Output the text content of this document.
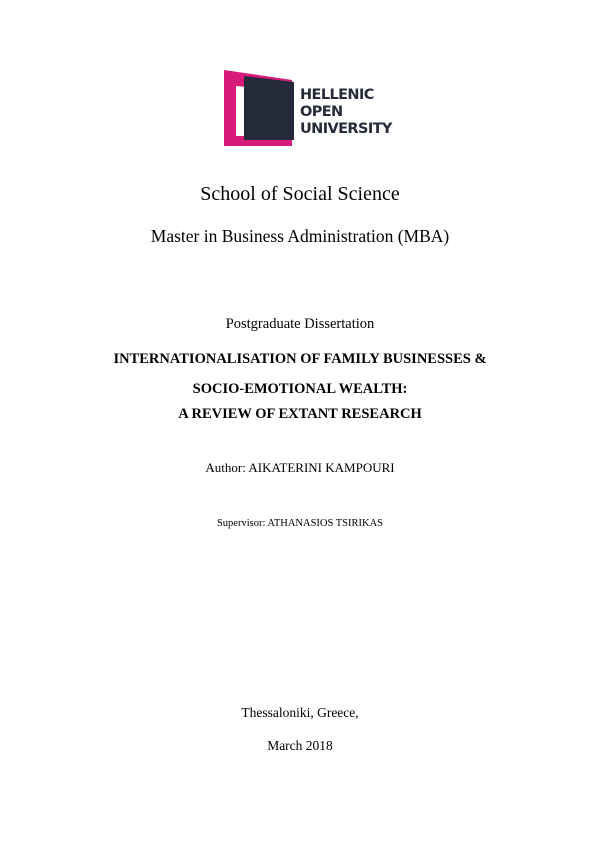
HELLENIC
OPEN
UNIVERSITY
School of Social Science
Master in Business Administration (MBA)
Postgraduate Dissertation
INTERNATIONALISATION OF FAMILY BUSINESSES &
SOCIO-EMOTIONAL WEALTH:
A REVIEW OF EXTANT RESEARCH
Author: AIKATERINI KAMPOURI
Supervisor: ATHANASIOS TSIRIKAS
Thessaloniki, Greece,
March 2018
